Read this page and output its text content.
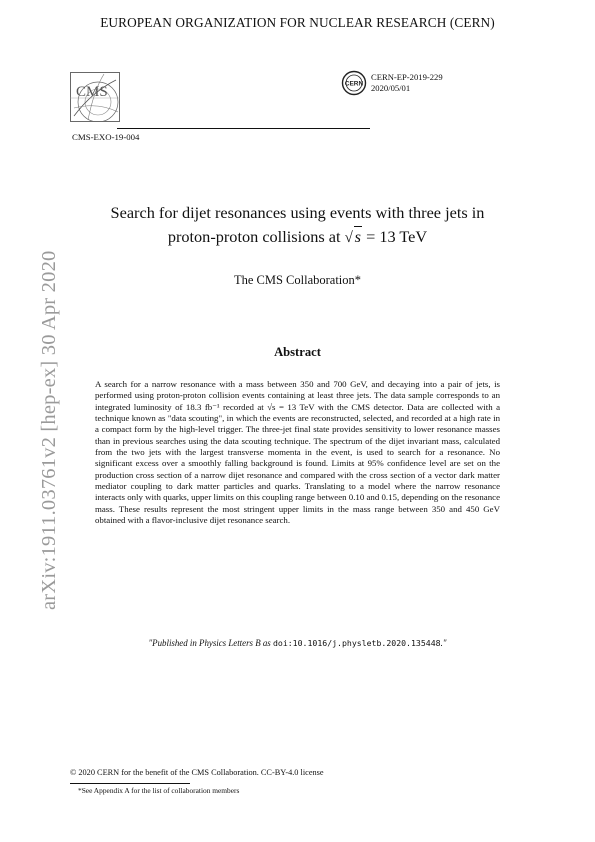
EUROPEAN ORGANIZATION FOR NUCLEAR RESEARCH (CERN)
CMS	CERN
CERN-EP-2019-229
2020/05/01
CMS-EXO-19-004
Search for dijet resonances using events with three jets in
proton-proton collisions at √ s = 13 TeV
The CMS Collaboration*
Abstract
A search for a narrow resonance with a mass between 350 and 700 GeV, and decaying into a pair of jets, is performed using proton-proton collision events containing at least three jets. The data sample corresponds to an integrated luminosity of 18.3 fb⁻¹ recorded at √s = 13 TeV with the CMS detector. Data are collected with a technique known as "data scouting", in which the events are reconstructed, selected, and recorded at a high rate in a compact form by the high-level trigger. The three-jet final state provides sensitivity to lower resonance masses than in previous searches using the data scouting technique. The spectrum of the dijet invariant mass, calculated from the two jets with the largest transverse momenta in the event, is used to search for a resonance. No significant excess over a smoothly falling background is found. Limits at 95% confidence level are set on the production cross section of a narrow dijet resonance and compared with the cross section of a vector dark matter mediator coupling to dark matter particles and quarks. Translating to a model where the narrow resonance interacts only with quarks, upper limits on this coupling range between 0.10 and 0.15, depending on the resonance mass. These results represent the most stringent upper limits in the mass range between 350 and 450 GeV obtained with a flavor-inclusive dijet resonance search.
"Published in Physics Letters B as doi:10.1016/j.physletb.2020.135448."
© 2020 CERN for the benefit of the CMS Collaboration. CC-BY-4.0 license
*See Appendix A for the list of collaboration members
arXiv:1911.03761v2 [hep-ex] 30 Apr 2020
